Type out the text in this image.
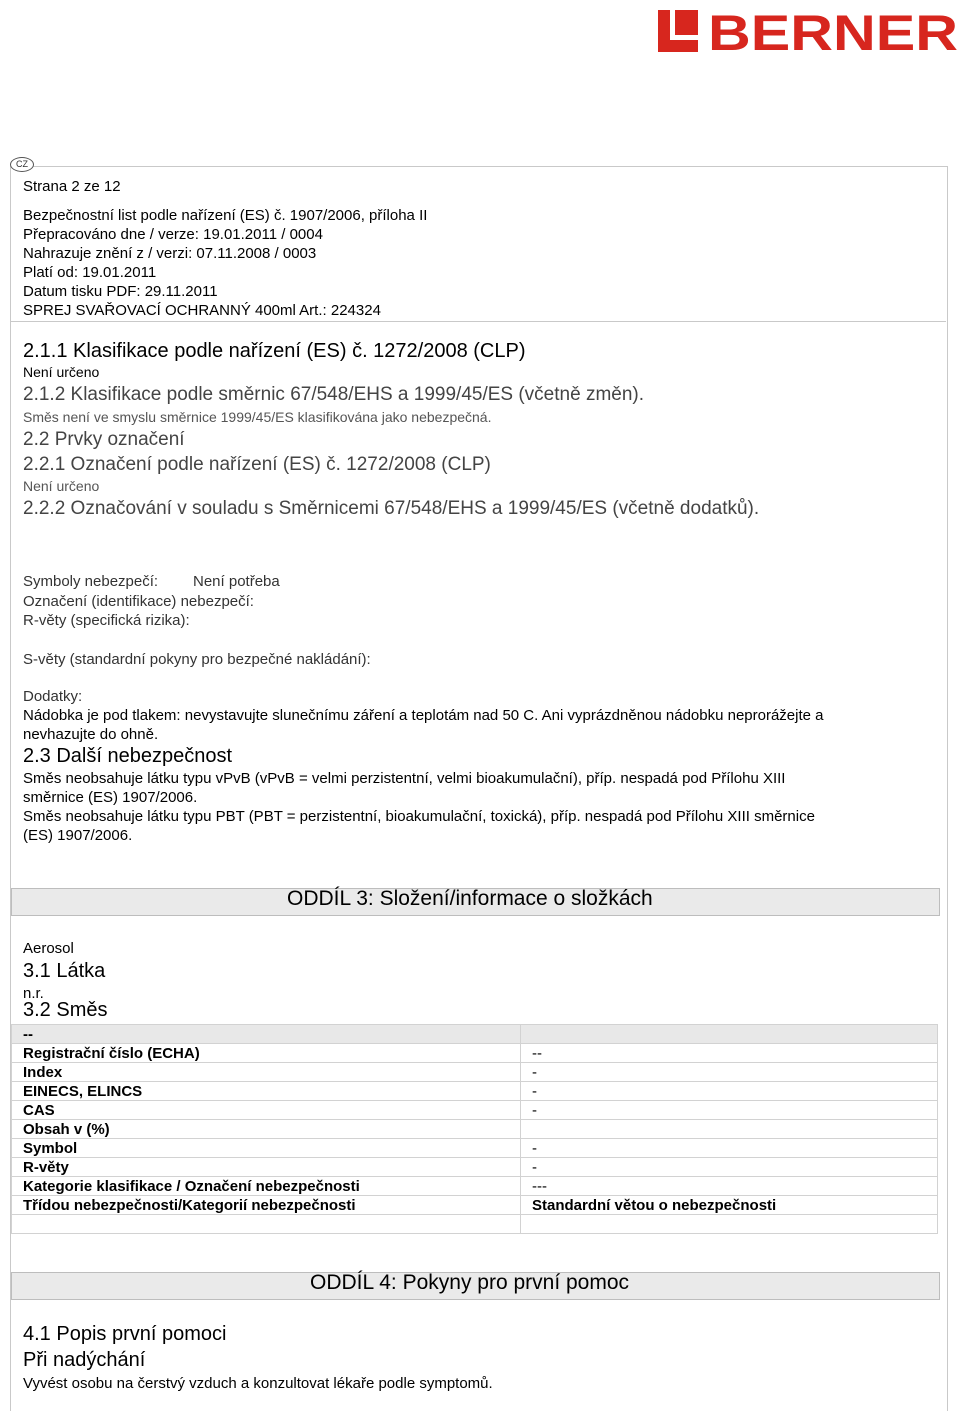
BERNER
CZ
Strana 2 ze 12
Bezpečnostní list podle nařízení (ES) č. 1907/2006, příloha II
Přepracováno dne / verze: 19.01.2011 / 0004
Nahrazuje znění z / verzi: 07.11.2008 / 0003
Platí od: 19.01.2011
Datum tisku PDF: 29.11.2011
SPREJ SVAŘOVACÍ OCHRANNÝ 400ml Art.: 224324
2.1.1 Klasifikace podle nařízení (ES) č. 1272/2008 (CLP)
Není určeno
2.1.2 Klasifikace podle směrnic 67/548/EHS a 1999/45/ES (včetně změn).
Směs není ve smyslu směrnice 1999/45/ES klasifikována jako nebezpečná.
2.2 Prvky označení
2.2.1 Označení podle nařízení (ES) č. 1272/2008 (CLP)
Není určeno
2.2.2 Označování v souladu s Směrnicemi 67/548/EHS a 1999/45/ES (včetně dodatků).
Symboly nebezpečí: Není potřeba
Označení (identifikace) nebezpečí:
R-věty (specifická rizika):
S-věty (standardní pokyny pro bezpečné nakládání):
Dodatky:
Nádobka je pod tlakem: nevystavujte slunečnímu záření a teplotám nad 50 C. Ani vyprázdněnou nádobku neprorážejte a
nevhazujte do ohně.
2.3 Další nebezpečnost
Směs neobsahuje látku typu vPvB (vPvB = velmi perzistentní, velmi bioakumulační), příp. nespadá pod Přílohu XIII
směrnice (ES) 1907/2006.
Směs neobsahuje látku typu PBT (PBT = perzistentní, bioakumulační, toxická), příp. nespadá pod Přílohu XIII směrnice
(ES) 1907/2006.
ODDÍL 3: Složení/informace o složkách
Aerosol
3.1 Látka
n.r.
3.2 Směs
--	
Registrační číslo (ECHA)	--
Index	-
EINECS, ELINCS	-
CAS	-
Obsah v (%)	
Symbol	-
R-věty	-
Kategorie klasifikace / Označení nebezpečnosti	---
Třídou nebezpečnosti/Kategorií nebezpečnosti	Standardní větou o nebezpečnosti

ODDÍL 4: Pokyny pro první pomoc
4.1 Popis první pomoci
Při nadýchání
Vyvést osobu na čerstvý vzduch a konzultovat lékaře podle symptomů.
